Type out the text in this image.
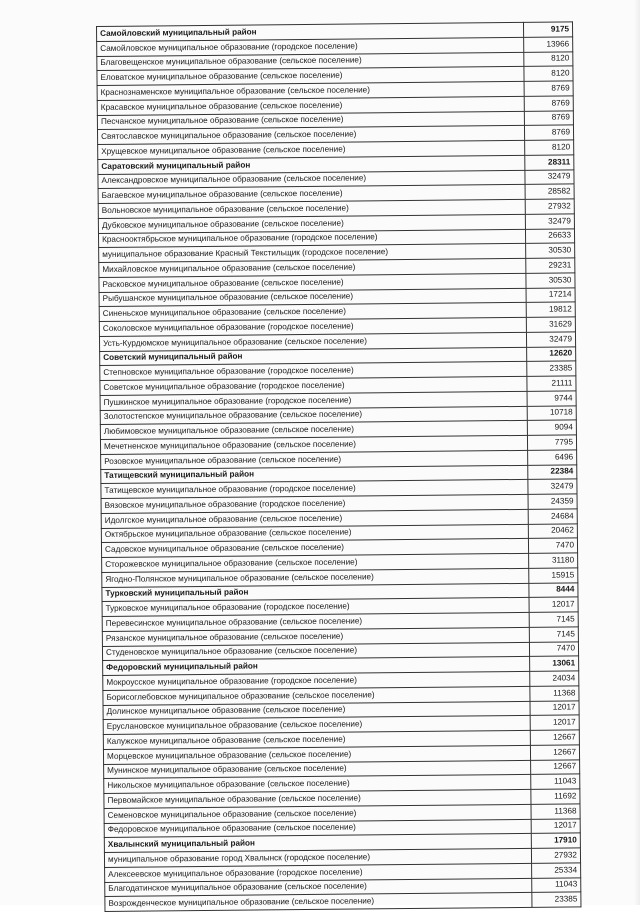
Самойловский муниципальный район	9175
Самойловское муниципальное образование (городское поселение)	13966
Благовещенское муниципальное образование (сельское поселение)	8120
Еловатское муниципальное образование (сельское поселение)	8120
Краснознаменское муниципальное образование (сельское поселение)	8769
Красавское муниципальное образование (сельское поселение)	8769
Песчанское муниципальное образование (сельское поселение)	8769
Святославское муниципальное образование (сельское поселение)	8769
Хрущевское муниципальное образование (сельское поселение)	8120
Саратовский муниципальный район	28311
Александровское муниципальное образование (сельское поселение)	32479
Багаевское муниципальное образование (сельское поселение)	28582
Вольновское муниципальное образование (сельское поселение)	27932
Дубковское муниципальное образование (сельское поселение)	32479
Краснооктябрьское муниципальное образование (городское поселение)	26633
муниципальное образование Красный Текстильщик (городское поселение)	30530
Михайловское муниципальное образование (сельское поселение)	29231
Расковское муниципальное образование (сельское поселение)	30530
Рыбушанское муниципальное образование (сельское поселение)	17214
Синеньское муниципальное образование (сельское поселение)	19812
Соколовское муниципальное образование (городское поселение)	31629
Усть-Курдюмское муниципальное образование (сельское поселение)	32479
Советский муниципальный район	12620
Степновское муниципальное образование (городское поселение)	23385
Советское муниципальное образование (городское поселение)	21111
Пушкинское муниципальное образование (городское поселение)	9744
Золотостепское муниципальное образование (сельское поселение)	10718
Любимовское муниципальное образование (сельское поселение)	9094
Мечетненское муниципальное образование (сельское поселение)	7795
Розовское муниципальное образование (сельское поселение)	6496
Татищевский муниципальный район	22384
Татищевское муниципальное образование (городское поселение)	32479
Вязовское муниципальное образование (городское поселение)	24359
Идолгское муниципальное образование (сельское поселение)	24684
Октябрьское муниципальное образование (сельское поселение)	20462
Садовское муниципальное образование (сельское поселение)	7470
Сторожевское муниципальное образование (сельское поселение)	31180
Ягодно-Полянское муниципальное образование (сельское поселение)	15915
Турковский муниципальный район	8444
Турковское муниципальное образование (городское поселение)	12017
Перевесинское муниципальное образование (сельское поселение)	7145
Рязанское муниципальное образование (сельское поселение)	7145
Студеновское муниципальное образование (сельское поселение)	7470
Федоровский муниципальный район	13061
Мокроусское муниципальное образование (городское поселение)	24034
Борисоглебовское муниципальное образование (сельское поселение)	11368
Долинское муниципальное образование (сельское поселение)	12017
Еруслановское муниципальное образование (сельское поселение)	12017
Калужское муниципальное образование (сельское поселение)	12667
Морцевское муниципальное образование (сельское поселение)	12667
Мунинское муниципальное образование (сельское поселение)	12667
Никольское муниципальное образование (сельское поселение)	11043
Первомайское муниципальное образование (сельское поселение)	11692
Семеновское муниципальное образование (сельское поселение)	11368
Федоровское муниципальное образование (сельское поселение)	12017
Хвалынский муниципальный район	17910
муниципальное образование город Хвалынск (городское поселение)	27932
Алексеевское муниципальное образование (городское поселение)	25334
Благодатинское муниципальное образование (сельское поселение)	11043
Возрожденческое муниципальное образование (сельское поселение)	23385
